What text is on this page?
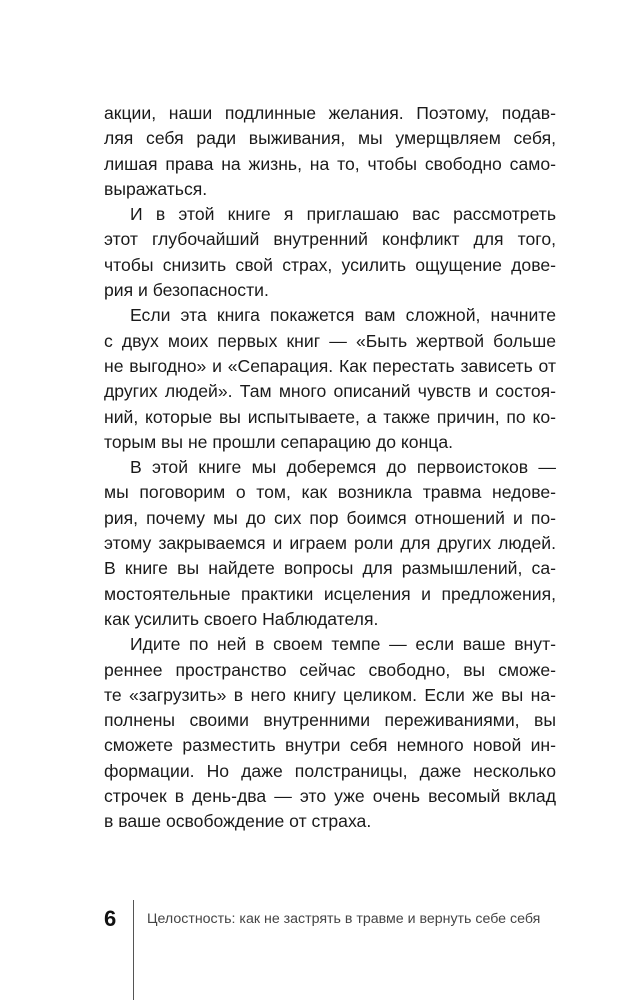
акции, наши подлинные желания. Поэтому, подав-
ляя себя ради выживания, мы умерщвляем себя,
лишая права на жизнь, на то, чтобы свободно само-
выражаться.
И в этой книге я приглашаю вас рассмотреть
этот глубочайший внутренний конфликт для того,
чтобы снизить свой страх, усилить ощущение дове-
рия и безопасности.
Если эта книга покажется вам сложной, начните
с двух моих первых книг — «Быть жертвой больше
не выгодно» и «Сепарация. Как перестать зависеть от
других людей». Там много описаний чувств и состоя-
ний, которые вы испытываете, а также причин, по ко-
торым вы не прошли сепарацию до конца.
В этой книге мы доберемся до первоистоков —
мы поговорим о том, как возникла травма недове-
рия, почему мы до сих пор боимся отношений и по-
этому закрываемся и играем роли для других людей.
В книге вы найдете вопросы для размышлений, са-
мостоятельные практики исцеления и предложения,
как усилить своего Наблюдателя.
Идите по ней в своем темпе — если ваше внут-
реннее пространство сейчас свободно, вы сможе-
те «загрузить» в него книгу целиком. Если же вы на-
полнены своими внутренними переживаниями, вы
сможете разместить внутри себя немного новой ин-
формации. Но даже полстраницы, даже несколько
строчек в день-два — это уже очень весомый вклад
в ваше освобождение от страха.
6 Целостность: как не застрять в травме и вернуть себе себя
